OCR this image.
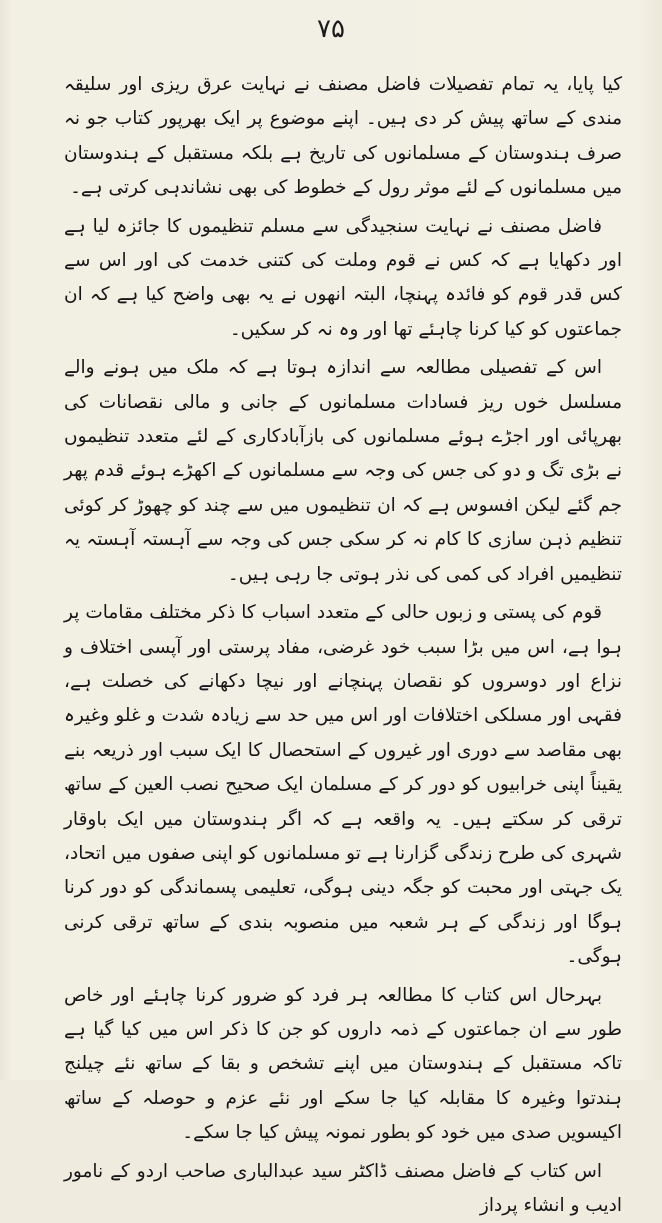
۷۵

کیا پایا، یہ تمام تفصیلات فاضل مصنف نے نہایت عرق ریزی اور سلیقہ مندی کے ساتھ پیش کر دی ہیں۔ اپنے موضوع پر ایک بھرپور کتاب جو نہ صرف ہندوستان کے مسلمانوں کی تاریخ ہے بلکہ مستقبل کے ہندوستان میں مسلمانوں کے لئے موثر رول کے خطوط کی بھی نشاندہی کرتی ہے۔

فاضل مصنف نے نہایت سنجیدگی سے مسلم تنظیموں کا جائزہ لیا ہے اور دکھایا ہے کہ کس نے قوم وملت کی کتنی خدمت کی اور اس سے کس قدر قوم کو فائدہ پہنچا، البتہ انھوں نے یہ بھی واضح کیا ہے کہ ان جماعتوں کو کیا کرنا چاہئے تھا اور وہ نہ کر سکیں۔

اس کے تفصیلی مطالعہ سے اندازہ ہوتا ہے کہ ملک میں ہونے والے مسلسل خوں ریز فسادات مسلمانوں کے جانی و مالی نقصانات کی بھرپائی اور اجڑے ہوئے مسلمانوں کی بازآبادکاری کے لئے متعدد تنظیموں نے بڑی تگ و دو کی جس کی وجہ سے مسلمانوں کے اکھڑے ہوئے قدم پھر جم گئے لیکن افسوس ہے کہ ان تنظیموں میں سے چند کو چھوڑ کر کوئی تنظیم ذہن سازی کا کام نہ کر سکی جس کی وجہ سے آہستہ آہستہ یہ تنظیمیں افراد کی کمی کی نذر ہوتی جا رہی ہیں۔

قوم کی پستی و زبوں حالی کے متعدد اسباب کا ذکر مختلف مقامات پر ہوا ہے، اس میں بڑا سبب خود غرضی، مفاد پرستی اور آپسی اختلاف و نزاع اور دوسروں کو نقصان پہنچانے اور نیچا دکھانے کی خصلت ہے، فقہی اور مسلکی اختلافات اور اس میں حد سے زیادہ شدت و غلو وغیرہ بھی مقاصد سے دوری اور غیروں کے استحصال کا ایک سبب اور ذریعہ بنے یقیناً اپنی خرابیوں کو دور کر کے مسلمان ایک صحیح نصب العین کے ساتھ ترقی کر سکتے ہیں۔ یہ واقعہ ہے کہ اگر ہندوستان میں ایک باوقار شہری کی طرح زندگی گزارنا ہے تو مسلمانوں کو اپنی صفوں میں اتحاد، یک جہتی اور محبت کو جگہ دینی ہوگی، تعلیمی پسماندگی کو دور کرنا ہوگا اور زندگی کے ہر شعبہ میں منصوبہ بندی کے ساتھ ترقی کرنی ہوگی۔

بہرحال اس کتاب کا مطالعہ ہر فرد کو ضرور کرنا چاہئے اور خاص طور سے ان جماعتوں کے ذمہ داروں کو جن کا ذکر اس میں کیا گیا ہے تاکہ مستقبل کے ہندوستان میں اپنے تشخص و بقا کے ساتھ نئے چیلنج ہندتوا وغیرہ کا مقابلہ کیا جا سکے اور نئے عزم و حوصلہ کے ساتھ اکیسویں صدی میں خود کو بطور نمونہ پیش کیا جا سکے۔

اس کتاب کے فاضل مصنف ڈاکٹر سید عبدالباری صاحب اردو کے نامور ادیب و انشاء پرداز
